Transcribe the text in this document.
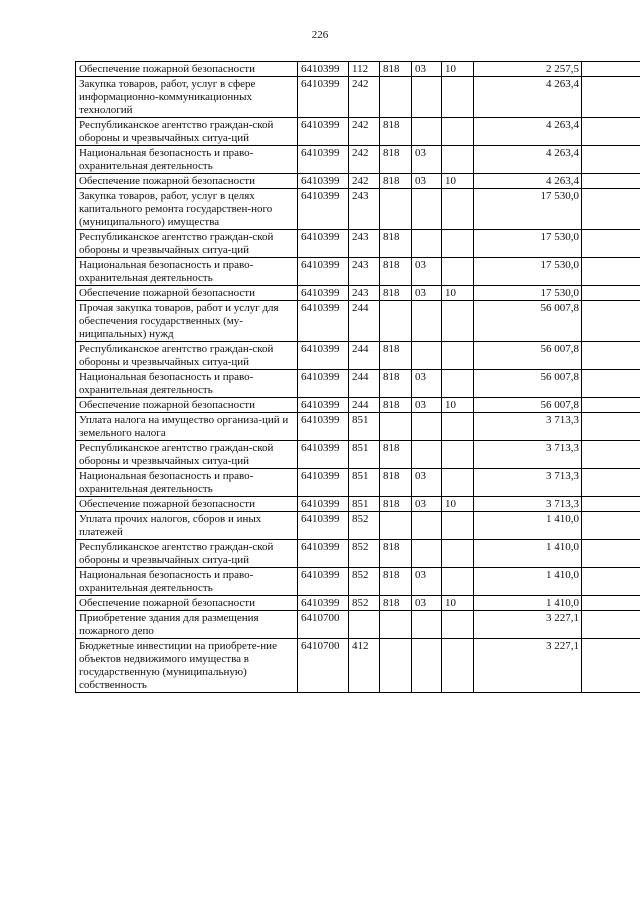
226
Обеспечение пожарной безопасности	6410399	112	818	03	10	2 257,5	
Закупка товаров, работ, услуг в сфере информационно-коммуникационных технологий	6410399	242				4 263,4	
Республиканское агентство граждан-ской обороны и чрезвычайных ситуа-ций	6410399	242	818			4 263,4	
Национальная безопасность и право-охранительная деятельность	6410399	242	818	03		4 263,4	
Обеспечение пожарной безопасности	6410399	242	818	03	10	4 263,4	
Закупка товаров, работ, услуг в целях капитального ремонта государствен-ного (муниципального) имущества	6410399	243				17 530,0	
Республиканское агентство граждан-ской обороны и чрезвычайных ситуа-ций	6410399	243	818			17 530,0	
Национальная безопасность и право-охранительная деятельность	6410399	243	818	03		17 530,0	
Обеспечение пожарной безопасности	6410399	243	818	03	10	17 530,0	
Прочая закупка товаров, работ и услуг для обеспечения государственных (му-ниципальных) нужд	6410399	244				56 007,8	
Республиканское агентство граждан-ской обороны и чрезвычайных ситуа-ций	6410399	244	818			56 007,8	
Национальная безопасность и право-охранительная деятельность	6410399	244	818	03		56 007,8	
Обеспечение пожарной безопасности	6410399	244	818	03	10	56 007,8	
Уплата налога на имущество организа-ций и земельного налога	6410399	851				3 713,3	
Республиканское агентство граждан-ской обороны и чрезвычайных ситуа-ций	6410399	851	818			3 713,3	
Национальная безопасность и право-охранительная деятельность	6410399	851	818	03		3 713,3	
Обеспечение пожарной безопасности	6410399	851	818	03	10	3 713,3	
Уплата прочих налогов, сборов и иных платежей	6410399	852				1 410,0	
Республиканское агентство граждан-ской обороны и чрезвычайных ситуа-ций	6410399	852	818			1 410,0	
Национальная безопасность и право-охранительная деятельность	6410399	852	818	03		1 410,0	
Обеспечение пожарной безопасности	6410399	852	818	03	10	1 410,0	
Приобретение здания для размещения пожарного депо	6410700					3 227,1	
Бюджетные инвестиции на приобрете-ние объектов недвижимого имущества в государственную (муниципальную) собственность	6410700	412				3 227,1	
